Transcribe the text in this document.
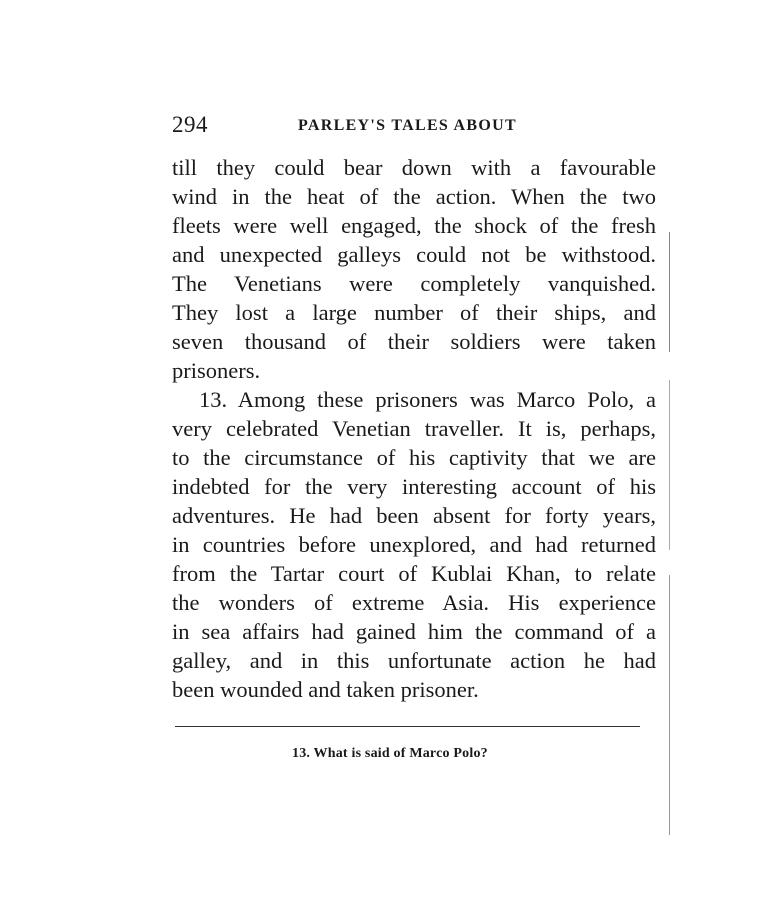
294	PARLEY'S TALES ABOUT
till they could bear down with a favourable
wind in the heat of the action. When the two
fleets were well engaged, the shock of the fresh
and unexpected galleys could not be withstood.
The Venetians were completely vanquished.
They lost a large number of their ships, and
seven thousand of their soldiers were taken
prisoners.
13. Among these prisoners was Marco Polo, a
very celebrated Venetian traveller. It is, perhaps,
to the circumstance of his captivity that we are
indebted for the very interesting account of his
adventures. He had been absent for forty years,
in countries before unexplored, and had returned
from the Tartar court of Kublai Khan, to relate
the wonders of extreme Asia. His experience
in sea affairs had gained him the command of a
galley, and in this unfortunate action he had
been wounded and taken prisoner.
13. What is said of Marco Polo?
